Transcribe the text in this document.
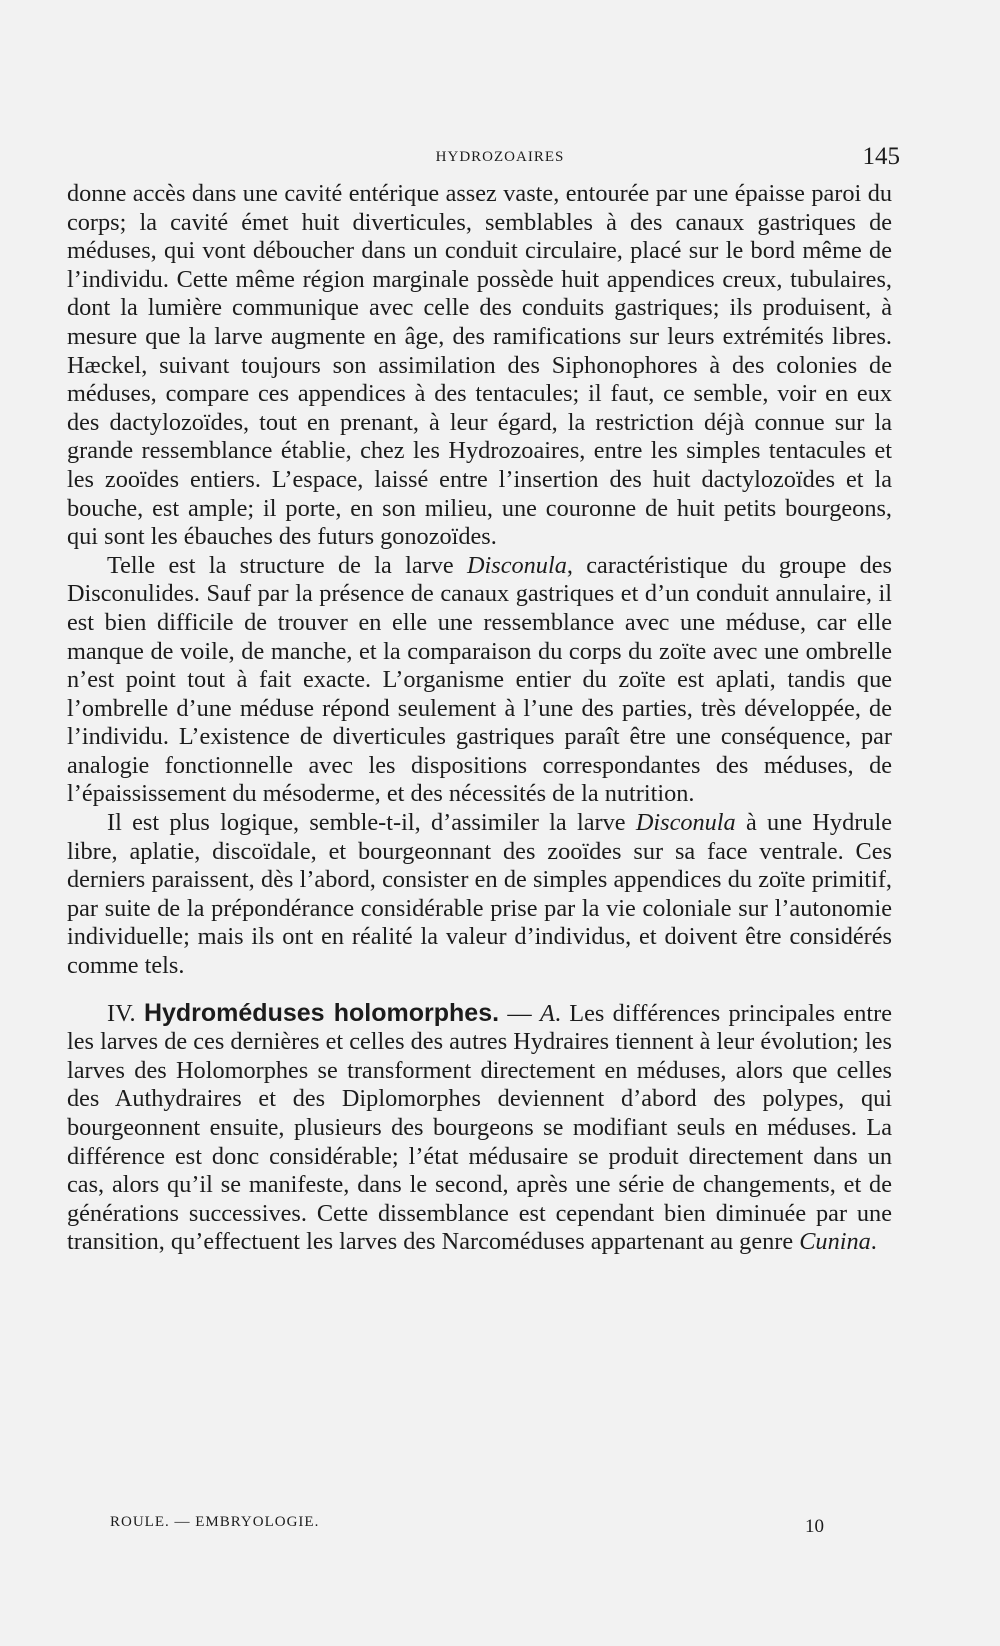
HYDROZOAIRES	145

donne accès dans une cavité entérique assez vaste, entourée par une épaisse paroi du corps; la cavité émet huit diverticules, semblables à des canaux gastriques de méduses, qui vont déboucher dans un conduit circulaire, placé sur le bord même de l’individu. Cette même région marginale possède huit appendices creux, tubulaires, dont la lumière communique avec celle des conduits gastriques; ils produisent, à mesure que la larve augmente en âge, des ramifications sur leurs extrémités libres. Hæckel, suivant toujours son assimilation des Siphonophores à des colonies de méduses, compare ces appendices à des tentacules; il faut, ce semble, voir en eux des dactylozoïdes, tout en prenant, à leur égard, la restriction déjà connue sur la grande ressemblance établie, chez les Hydrozoaires, entre les simples tentacules et les zooïdes entiers. L’espace, laissé entre l’insertion des huit dactylozoïdes et la bouche, est ample; il porte, en son milieu, une couronne de huit petits bourgeons, qui sont les ébauches des futurs gonozoïdes.

Telle est la structure de la larve Disconula, caractéristique du groupe des Disconulides. Sauf par la présence de canaux gastriques et d’un conduit annulaire, il est bien difficile de trouver en elle une ressemblance avec une méduse, car elle manque de voile, de manche, et la comparaison du corps du zoïte avec une ombrelle n’est point tout à fait exacte. L’organisme entier du zoïte est aplati, tandis que l’ombrelle d’une méduse répond seulement à l’une des parties, très développée, de l’individu. L’existence de diverticules gastriques paraît être une conséquence, par analogie fonctionnelle avec les dispositions correspondantes des méduses, de l’épaississement du mésoderme, et des nécessités de la nutrition.

Il est plus logique, semble-t-il, d’assimiler la larve Disconula à une Hydrule libre, aplatie, discoïdale, et bourgeonnant des zooïdes sur sa face ventrale. Ces derniers paraissent, dès l’abord, consister en de simples appendices du zoïte primitif, par suite de la prépondérance considérable prise par la vie coloniale sur l’autonomie individuelle; mais ils ont en réalité la valeur d’individus, et doivent être considérés comme tels.

IV. Hydroméduses holomorphes. — A. Les différences principales entre les larves de ces dernières et celles des autres Hydraires tiennent à leur évolution; les larves des Holomorphes se transforment directement en méduses, alors que celles des Authydraires et des Diplomorphes deviennent d’abord des polypes, qui bourgeonnent ensuite, plusieurs des bourgeons se modifiant seuls en méduses. La différence est donc considérable; l’état médusaire se produit directement dans un cas, alors qu’il se manifeste, dans le second, après une série de changements, et de générations successives. Cette dissemblance est cependant bien diminuée par une transition, qu’effectuent les larves des Narcoméduses appartenant au genre Cunina.

ROULE. — EMBRYOLOGIE.	10
